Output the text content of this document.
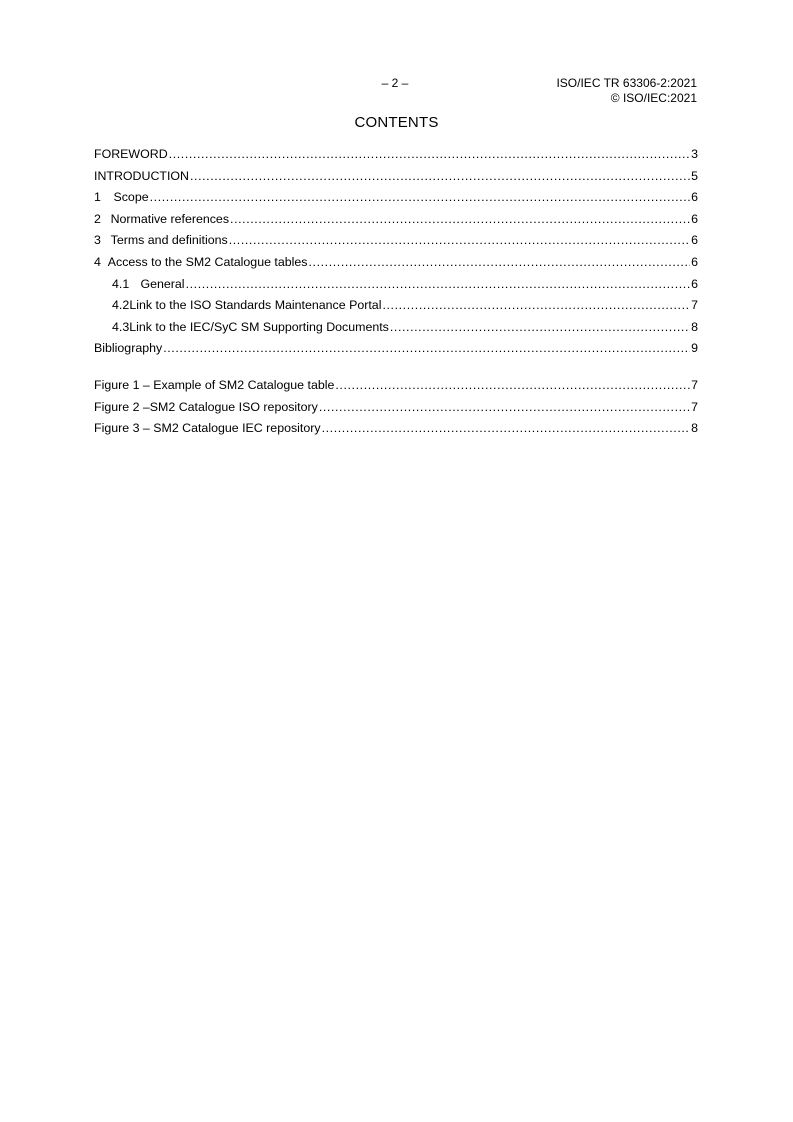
– 2 –	ISO/IEC TR 63306-2:2021
© ISO/IEC:2021
CONTENTS
FOREWORD .....	3
INTRODUCTION .....	5
1	Scope .....	6
2 Normative references .....	6
3 Terms and definitions .....	6
4 Access to the SM2 Catalogue tables .....	6
4.1 General .....	6
4.2 Link to the ISO Standards Maintenance Portal .....	7
4.3 Link to the IEC/SyC SM Supporting Documents .....	8
Bibliography .....	9
Figure 1 – Example of SM2 Catalogue table .....	7
Figure 2 –SM2 Catalogue ISO repository .....	7
Figure 3 – SM2 Catalogue IEC repository .....	8
